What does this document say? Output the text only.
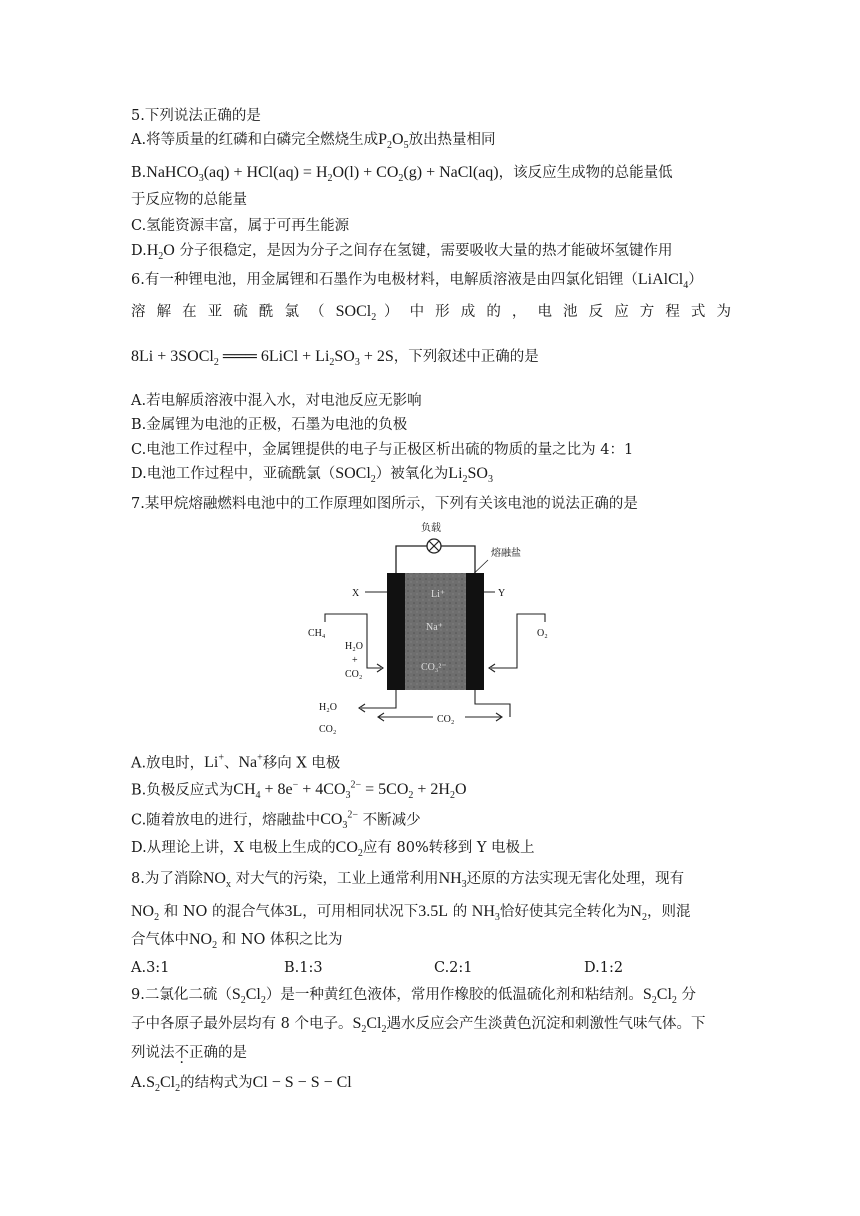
5.下列说法正确的是
A.将等质量的红磷和白磷完全燃烧生成$P_2O_5$放出热量相同
B.NaHCO$_3$(aq) + $HCl(aq) = H_2O(l) + CO_2(g)$ + NaCl(aq)，该反应生成物的总能量低
于反应物的总能量
C.氢能资源丰富，属于可再生能源
$D.H_2O$ 分子很稳定，是因为分子之间存在氢键，需要吸收大量的热才能破坏氢键作用
6.有一种锂电池，用金属锂和石墨作为电极材料，电解质溶液是由四氯化铝锂（LiAlCl$_4$）
溶 解 在 亚 硫 酰 氯 （ SOCl$_2$ ） 中 形 成 的 ， 电 池 反 应 方 程 式 为
8Li + 3SOCl$_2$ ═══ 6LiCl + $Li_2SO_3 + 2S$，下列叙述中正确的是
A.若电解质溶液中混入水，对电池反应无影响
B.金属锂为电池的正极，石墨为电池的负极
C.电池工作过程中，金属锂提供的电子与正极区析出硫的物质的量之比为 4：1
D.电池工作过程中，亚硫酰氯（SOCl$_2$）被氧化为$Li_2SO_3$
7.某甲烷熔融燃料电池中的工作原理如图所示，下列有关该电池的说法正确的是
负载
熔融盐
Li⁺
Na⁺
CO₃²⁻
X	Y
CH₄
H₂O
+
CO₂
O₂
H₂O
CO₂
CO₂
A.放电时，Li+、Na+移向 X 电极
B.负极反应式为$CH_4 + 8e^- + 4CO_3^{2-} = 5CO_2 + 2H_2O$
C.随着放电的进行，熔融盐中$CO_3^{2-}$ 不断减少
D.从理论上讲，X 电极上生成的$CO_2$应有 80%转移到 Y 电极上
8.为了消除$NO_x$ 对大气的污染，工业上通常利用$NH_3$还原的方法实现无害化处理，现有
$NO_2$ 和 NO 的混合气体3L，可用相同状况下3.5L 的 $NH_3$恰好使其完全转化为$N_2$，则混
合气体中$NO_2$ 和 NO 体积之比为
A.3:1	B.1:3	C.2:1	D.1:2
9.二氯化二硫$(S_2Cl_2)$是一种黄红色液体，常用作橡胶的低温硫化剂和粘结剂。$S_2Cl_2$ 分
子中各原子最外层均有 8 个电子。$S_2Cl_2$遇水反应会产生淡黄色沉淀和刺激性气味气体。下
列说法不正确的是
$A.S_2Cl_2$的结构式为Cl − S − S − Cl
